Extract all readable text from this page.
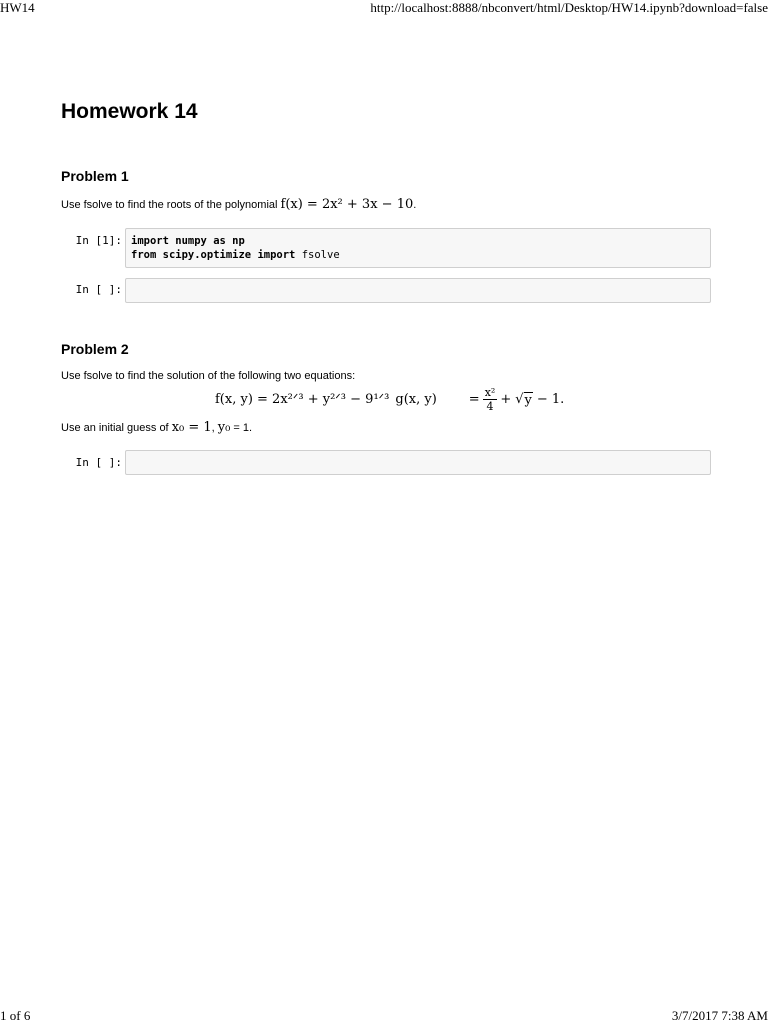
HW14	http://localhost:8888/nbconvert/html/Desktop/HW14.ipynb?download=false
Homework 14
Problem 1

Use fsolve to find the roots of the polynomial f(x) = 2x² + 3x − 10.

In [1]: import numpy as np
from scipy.optimize import fsolve
In [ ]:
Problem 2

Use fsolve to find the solution of the following two equations:

f(x, y) = 2x²ᐟ³ + y²ᐟ³ − 9¹ᐟ³ g(x, $y) = \frac{\text{x²}}{4}$ + √ y − 1.

Use an initial guess of x₀ = 1, y₀ = 1.

In [ ]:
1 of 6	3/7/2017 7:38 AM
